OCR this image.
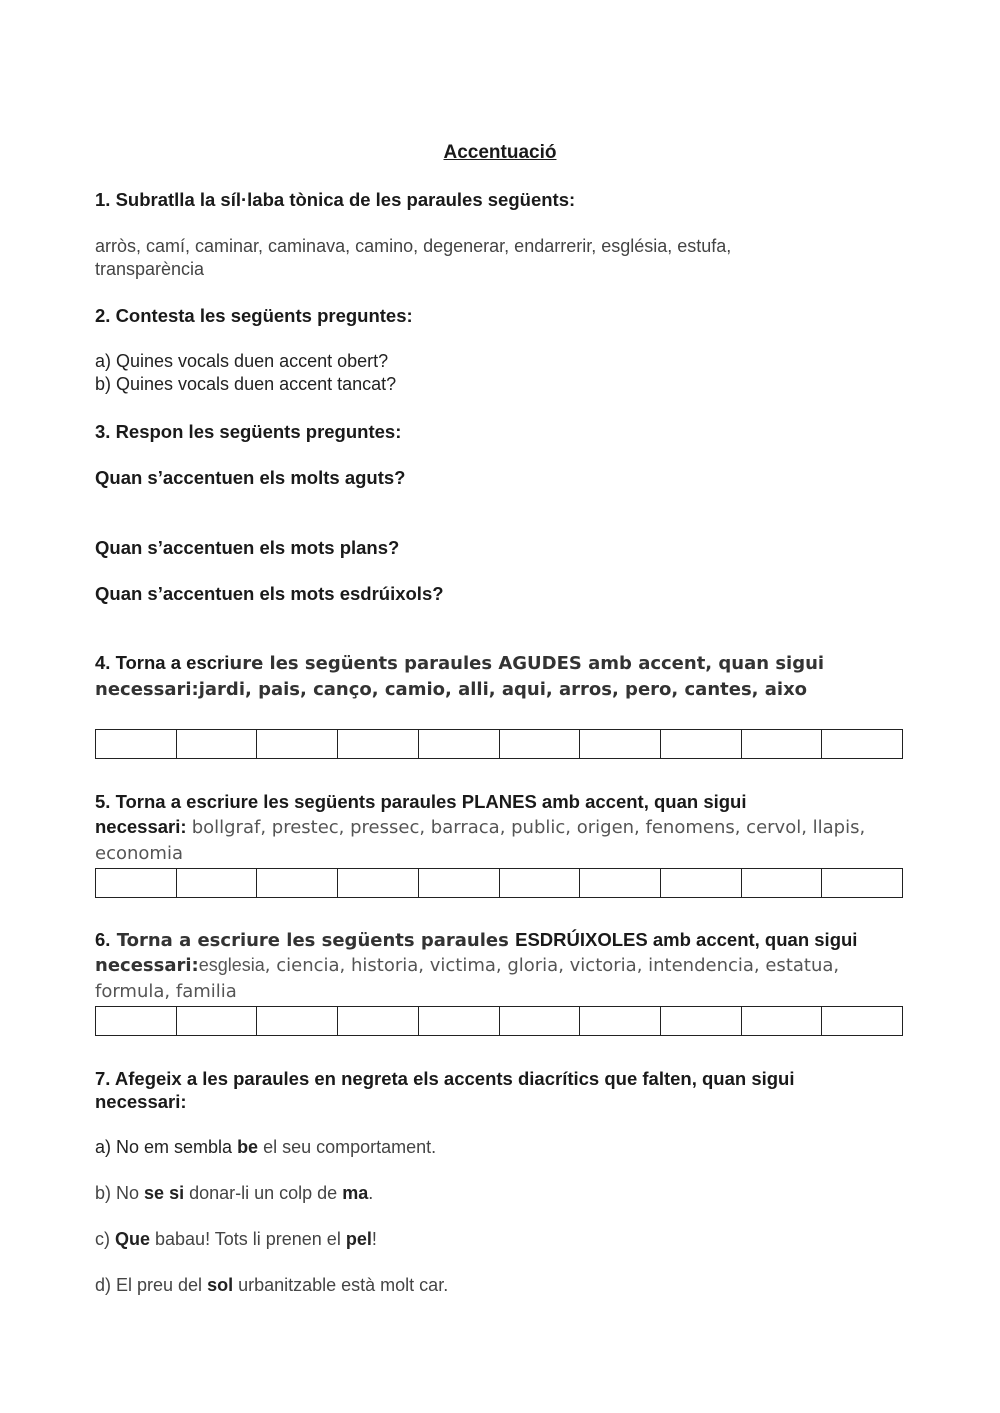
Accentuació
1. Subratlla la síl·laba tònica de les paraules següents:
arròs, camí, caminar, caminava, camino, degenerar, endarrerir, església, estufa,
transparència
2. Contesta les següents preguntes:
a) Quines vocals duen accent obert?
b) Quines vocals duen accent tancat?
3. Respon les següents preguntes:
Quan s’accentuen els molts aguts?
Quan s’accentuen els mots plans?
Quan s’accentuen els mots esdrúixols?
4. Torna a escriure les següents paraules AGUDES amb accent, quan sigui
necessari:jardi, pais, canço, camio, alli, aqui, arros, pero, cantes, aixo
5. Torna a escriure les següents paraules PLANES amb accent, quan sigui
necessari: bollgraf, prestec, pressec, barraca, public, origen, fenomens, cervol, llapis,
economia
6. Torna a escriure les següents paraules ESDRÚIXOLES amb accent, quan sigui
necessari:esglesia, ciencia, historia, victima, gloria, victoria, intendencia, estatua,
formula, familia
7. Afegeix a les paraules en negreta els accents diacrítics que falten, quan sigui
necessari:
a) No em sembla be el seu comportament.
b) No se si donar-li un colp de ma.
c) Que babau! Tots li prenen el pel!
d) El preu del sol urbanitzable està molt car.
